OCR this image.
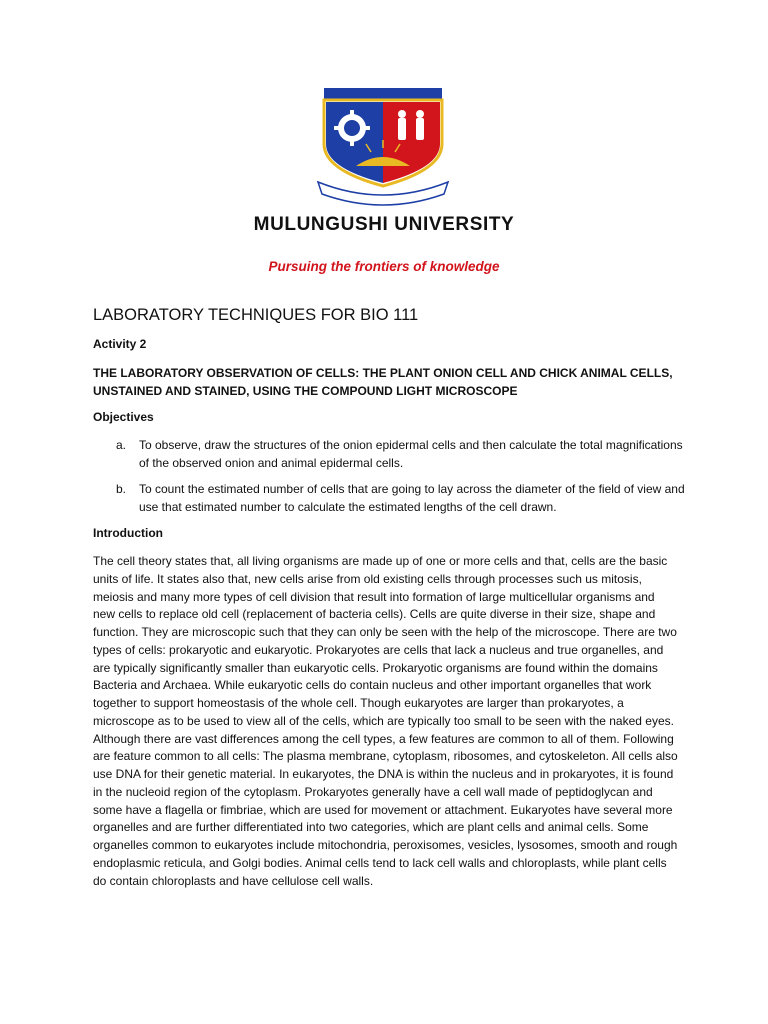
MULUNGUSHI UNIVERSITY
Pursuing the frontiers of knowledge
LABORATORY TECHNIQUES FOR BIO 111
Activity 2
THE LABORATORY OBSERVATION OF CELLS: THE PLANT ONION CELL AND CHICK ANIMAL CELLS, UNSTAINED AND STAINED, USING THE COMPOUND LIGHT MICROSCOPE
Objectives
a. To observe, draw the structures of the onion epidermal cells and then calculate the total magnifications of the observed onion and animal epidermal cells.
b. To count the estimated number of cells that are going to lay across the diameter of the field of view and use that estimated number to calculate the estimated lengths of the cell drawn.
Introduction
The cell theory states that, all living organisms are made up of one or more cells and that, cells are the basic units of life. It states also that, new cells arise from old existing cells through processes such us mitosis, meiosis and many more types of cell division that result into formation of large multicellular organisms and new cells to replace old cell (replacement of bacteria cells). Cells are quite diverse in their size, shape and function. They are microscopic such that they can only be seen with the help of the microscope. There are two types of cells: prokaryotic and eukaryotic. Prokaryotes are cells that lack a nucleus and true organelles, and are typically significantly smaller than eukaryotic cells. Prokaryotic organisms are found within the domains Bacteria and Archaea. While eukaryotic cells do contain nucleus and other important organelles that work together to support homeostasis of the whole cell. Though eukaryotes are larger than prokaryotes, a microscope as to be used to view all of the cells, which are typically too small to be seen with the naked eyes. Although there are vast differences among the cell types, a few features are common to all of them. Following are feature common to all cells: The plasma membrane, cytoplasm, ribosomes, and cytoskeleton. All cells also use DNA for their genetic material. In eukaryotes, the DNA is within the nucleus and in prokaryotes, it is found in the nucleoid region of the cytoplasm. Prokaryotes generally have a cell wall made of peptidoglycan and some have a flagella or fimbriae, which are used for movement or attachment. Eukaryotes have several more organelles and are further differentiated into two categories, which are plant cells and animal cells. Some organelles common to eukaryotes include mitochondria, peroxisomes, vesicles, lysosomes, smooth and rough endoplasmic reticula, and Golgi bodies. Animal cells tend to lack cell walls and chloroplasts, while plant cells do contain chloroplasts and have cellulose cell walls.
